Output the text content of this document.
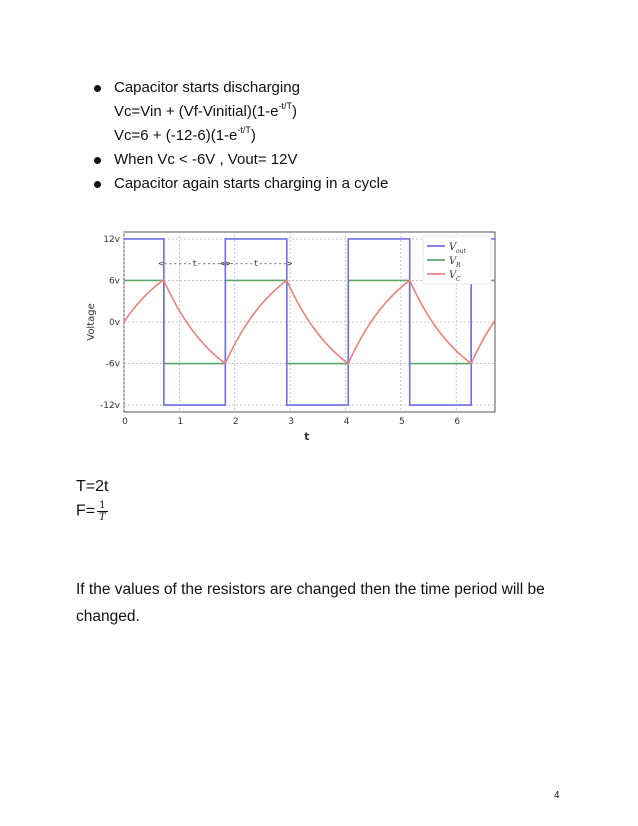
Capacitor starts discharging
$Vc=Vin + (Vf-Vinitial)(1-e^{-t/T})$
$Vc=6 + (-12-6)(1-e^{-t/T})$
When Vc < -6V , Vout= 12V
Capacitor again starts charging in a cycle
0	1	2	3	4	5	6
12v
6v
0v
-6v
-12v
Voltage
t
<------t------>
<------t------>
V out
V R
V C
T=2t
$F= \frac{1}{T}$
If the values of the resistors are changed then the time period will be changed.
4
